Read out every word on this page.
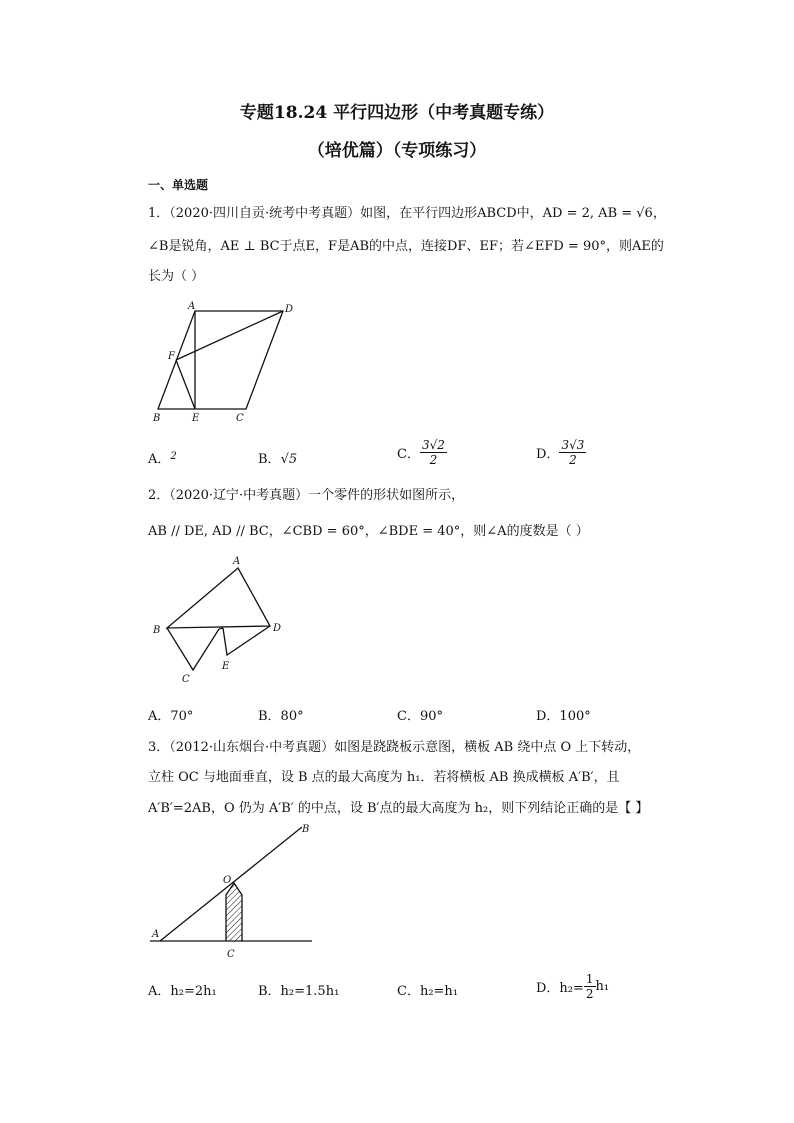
专题18.24 平行四边形（中考真题专练）
（培优篇）（专项练习）
一、单选题
1．（2020·四川自贡·统考中考真题）如图，在平行四边形ABCD中，AD = 2, AB = √6，
∠B是锐角，AE ⊥ BC于点E，F是AB的中点，连接DF、EF；若∠EFD = 90°，则AE的
长为（ ）
A	D
F
B	E	C
A．$^2$	B．√5	C． $\frac{3√2}{2}$	D． $\frac{3√3}{2}$
2．（2020·辽宁·中考真题）一个零件的形状如图所示，
AB // DE, AD // BC，∠CBD = 60°，∠BDE = 40°，则∠A的度数是（ ）
A
B
C
D
E
A．70°	B．80°	C．90°	D．100°
3．（2012·山东烟台·中考真题）如图是跷跷板示意图，横板 AB 绕中点 O 上下转动，
立柱 OC 与地面垂直，设 B 点的最大高度为 h₁．若将横板 AB 换成横板 A′B′，且
A′B′=2AB，O 仍为 A′B′ 的中点，设 B′点的最大高度为 h₂，则下列结论正确的是【 】
A
B
O
C
A．h₂=2h₁	B．h₂=1.5h₁	C．h₂=h₁	D．$h_2= \frac{1}{2} h_1$
